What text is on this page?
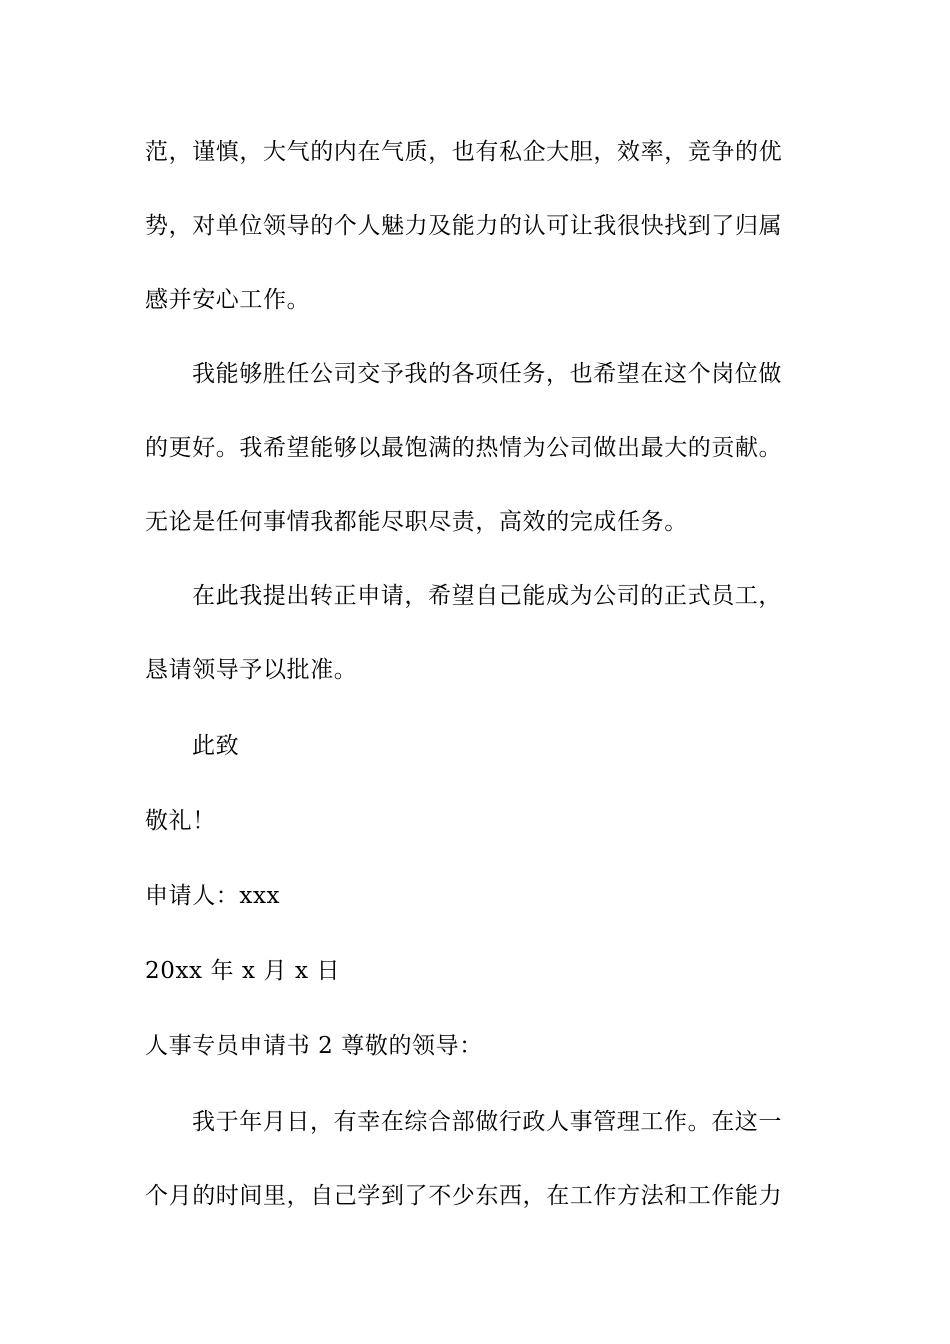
范，谨慎，大气的内在气质，也有私企大胆，效率，竞争的优
势，对单位领导的个人魅力及能力的认可让我很快找到了归属
感并安心工作。
我能够胜任公司交予我的各项任务，也希望在这个岗位做
的更好。我希望能够以最饱满的热情为公司做出最大的贡献。
无论是任何事情我都能尽职尽责，高效的完成任务。
在此我提出转正申请，希望自己能成为公司的正式员工，
恳请领导予以批准。
此致
敬礼！
申请人：xxx
20xx 年 x 月 x 日
人事专员申请书 2 尊敬的领导：
我于年月日，有幸在综合部做行政人事管理工作。在这一
个月的时间里，自己学到了不少东西，在工作方法和工作能力
